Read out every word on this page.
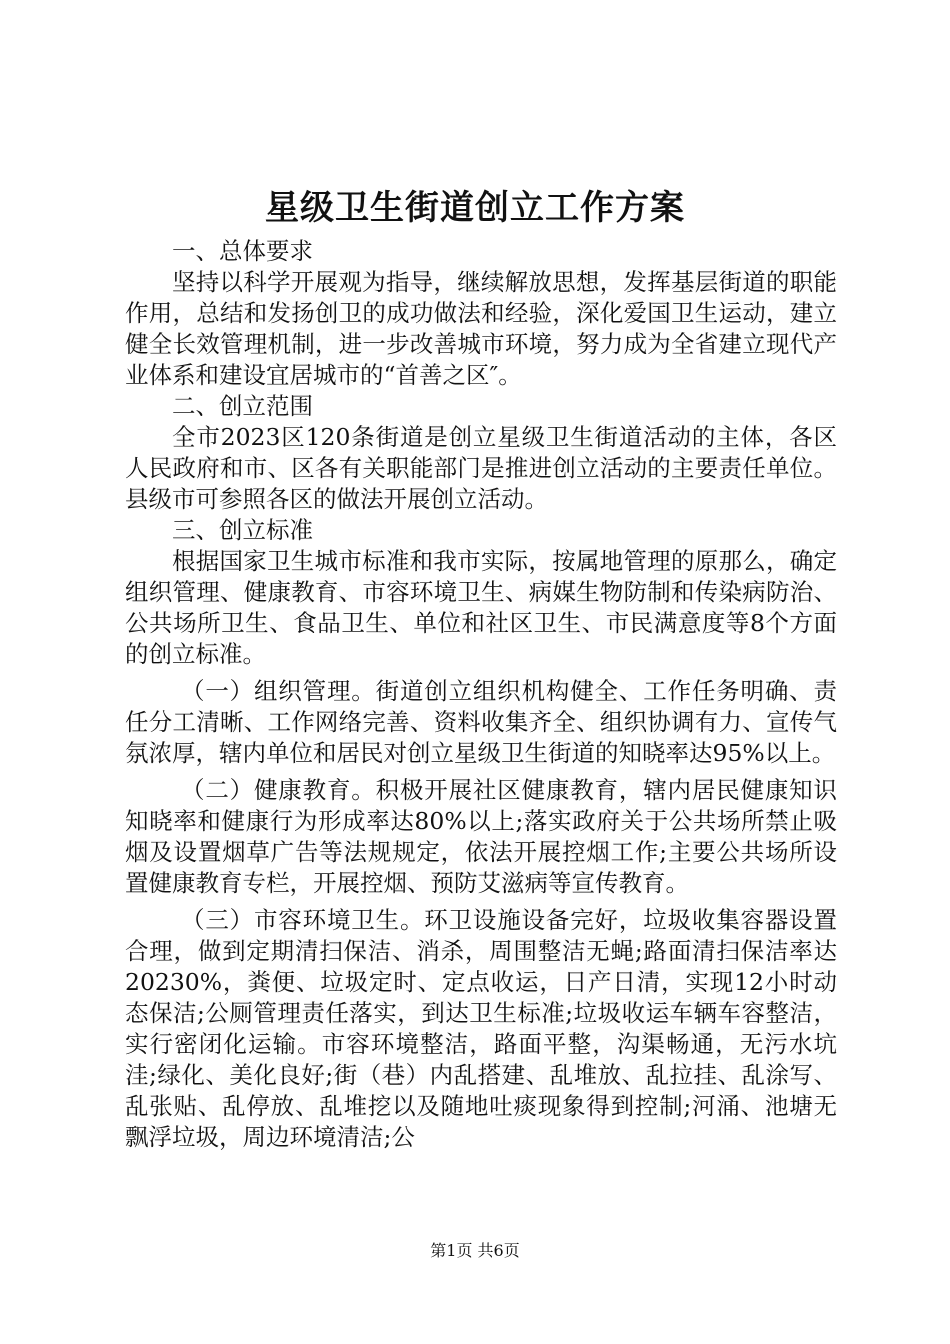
星级卫生街道创立工作方案

一、总体要求

坚持以科学开展观为指导，继续解放思想，发挥基层街道的职能作用，总结和发扬创卫的成功做法和经验，深化爱国卫生运动，建立健全长效管理机制，进一步改善城市环境，努力成为全省建立现代产业体系和建设宜居城市的“首善之区″。

二、创立范围

全市2023区120条街道是创立星级卫生街道活动的主体，各区人民政府和市、区各有关职能部门是推进创立活动的主要责任单位。县级市可参照各区的做法开展创立活动。

三、创立标准

根据国家卫生城市标准和我市实际，按属地管理的原那么，确定组织管理、健康教育、市容环境卫生、病媒生物防制和传染病防治、公共场所卫生、食品卫生、单位和社区卫生、市民满意度等8个方面的创立标准。

（一）组织管理。街道创立组织机构健全、工作任务明确、责任分工清晰、工作网络完善、资料收集齐全、组织协调有力、宣传气氛浓厚，辖内单位和居民对创立星级卫生街道的知晓率达95%以上。

（二）健康教育。积极开展社区健康教育，辖内居民健康知识知晓率和健康行为形成率达80%以上;落实政府关于公共场所禁止吸烟及设置烟草广告等法规规定，依法开展控烟工作;主要公共场所设置健康教育专栏，开展控烟、预防艾滋病等宣传教育。

（三）市容环境卫生。环卫设施设备完好，垃圾收集容器设置合理，做到定期清扫保洁、消杀，周围整洁无蝇;路面清扫保洁率达20230%，粪便、垃圾定时、定点收运，日产日清，实现12小时动态保洁;公厕管理责任落实，到达卫生标准;垃圾收运车辆车容整洁，实行密闭化运输。市容环境整洁，路面平整，沟渠畅通，无污水坑洼;绿化、美化良好;街（巷）内乱搭建、乱堆放、乱拉挂、乱涂写、乱张贴、乱停放、乱堆挖以及随地吐痰现象得到控制;河涌、池塘无飘浮垃圾，周边环境清洁;公

第1页 共6页
